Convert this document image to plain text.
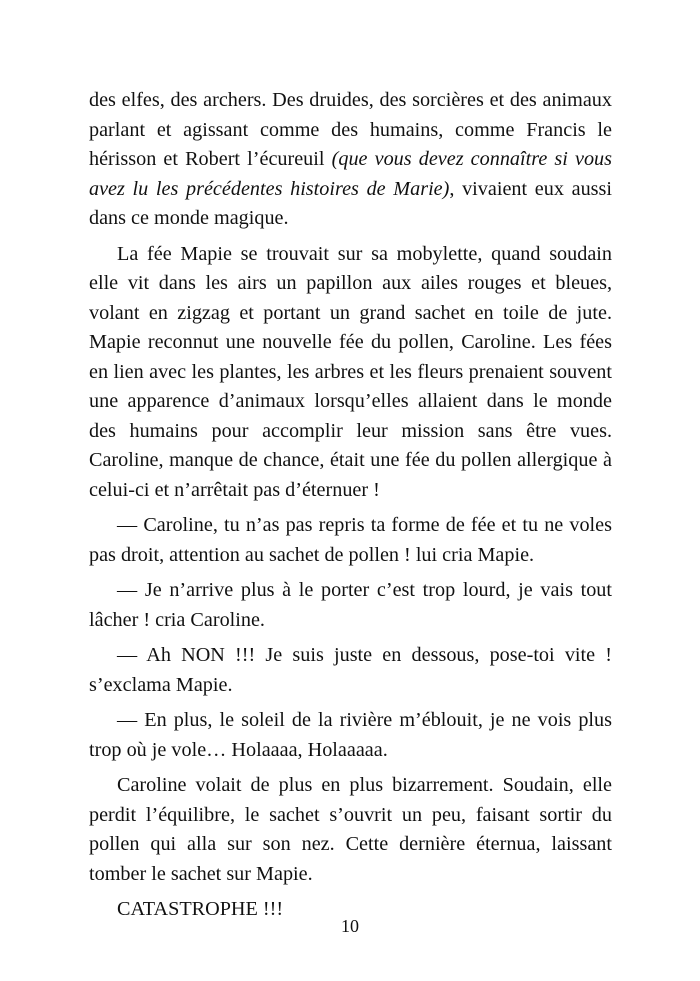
des elfes, des archers. Des druides, des sorcières et des animaux parlant et agissant comme des humains, comme Francis le hérisson et Robert l’écureuil (que vous devez connaître si vous avez lu les précédentes histoires de Marie), vivaient eux aussi dans ce monde magique.

La fée Mapie se trouvait sur sa mobylette, quand soudain elle vit dans les airs un papillon aux ailes rouges et bleues, volant en zigzag et portant un grand sachet en toile de jute. Mapie reconnut une nouvelle fée du pollen, Caroline. Les fées en lien avec les plantes, les arbres et les fleurs prenaient souvent une apparence d’animaux lorsqu’elles allaient dans le monde des humains pour accomplir leur mission sans être vues. Caroline, manque de chance, était une fée du pollen allergique à celui-ci et n’arrêtait pas d’éternuer !

— Caroline, tu n’as pas repris ta forme de fée et tu ne voles pas droit, attention au sachet de pollen ! lui cria Mapie.

— Je n’arrive plus à le porter c’est trop lourd, je vais tout lâcher ! cria Caroline.

— Ah NON !!! Je suis juste en dessous, pose-toi vite ! s’exclama Mapie.

— En plus, le soleil de la rivière m’éblouit, je ne vois plus trop où je vole… Holaaaa, Holaaaaa.

Caroline volait de plus en plus bizarrement. Soudain, elle perdit l’équilibre, le sachet s’ouvrit un peu, faisant sortir du pollen qui alla sur son nez. Cette dernière éternua, laissant tomber le sachet sur Mapie.

CATASTROPHE !!!

10
